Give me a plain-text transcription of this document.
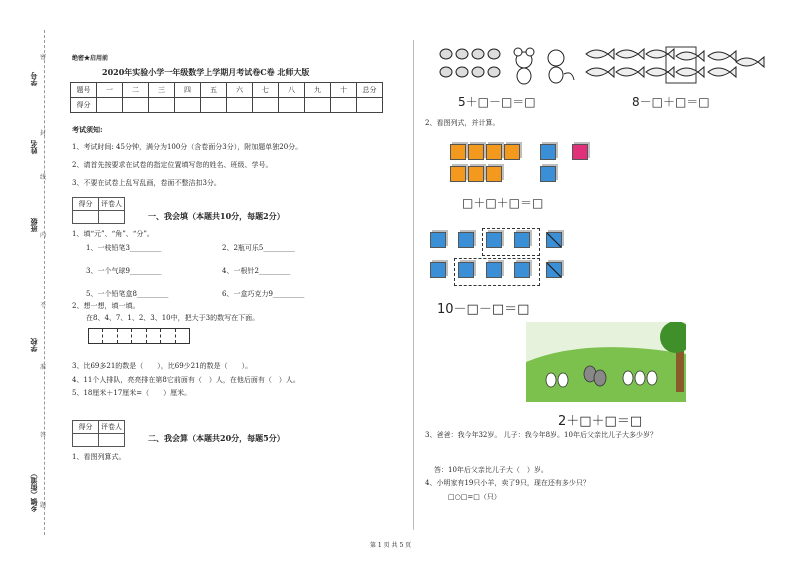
学号
姓名
班级
学校
乡镇（街道）
密
封
线
内
不
准
答
题
绝密★启用前
2020年实验小学一年级数学上学期月考试卷C卷 北师大版
题号	一	二	三	四	五	六	七	八	九	十	总分
得分											
考试须知:
1、考试时间: 45分钟，满分为100分（含卷面分3分），附加题单独20分。
2、请首先按要求在试卷的指定位置填写您的姓名、班级、学号。
3、不要在试卷上乱写乱画，卷面不整洁扣3分。
得分	评卷人

一、我会填（本题共10分，每题2分）
1、填“元”、“角”、“分”。
1、一枝铅笔3_________	2、2瓶可乐5_________
3、一个气球9_________	4、一根针2_________
5、一个铅笔盒8_________	6、一盒巧克力9_________
2、想一想，填一填。
在8、4、7、1、2、3、10中，把大于3的数写在下面。
3、比69多21的数是（　　），比69少21的数是（　　）。
4、11个人排队，亮亮排在第8它前面有（　）人，在他后面有（　）人。
5、18厘米＋17厘米=（　　）厘米。
得分	评卷人

二、我会算（本题共20分，每题5分）
1、看图列算式。
5＋□－□＝□	8－□＋□＝□
2、看图列式，并计算。
□＋□＋□＝□
10－□－□＝□
2＋□＋□＝□
3、爸爸：我今年32岁。 儿子：我今年8岁。10年后父亲比儿子大多少岁？
答：10年后父亲比儿子大（　）岁。
4、小明家有19只小羊，卖了9只，现在还有多少只？
□○□=□（只）
第 1 页 共 5 页
